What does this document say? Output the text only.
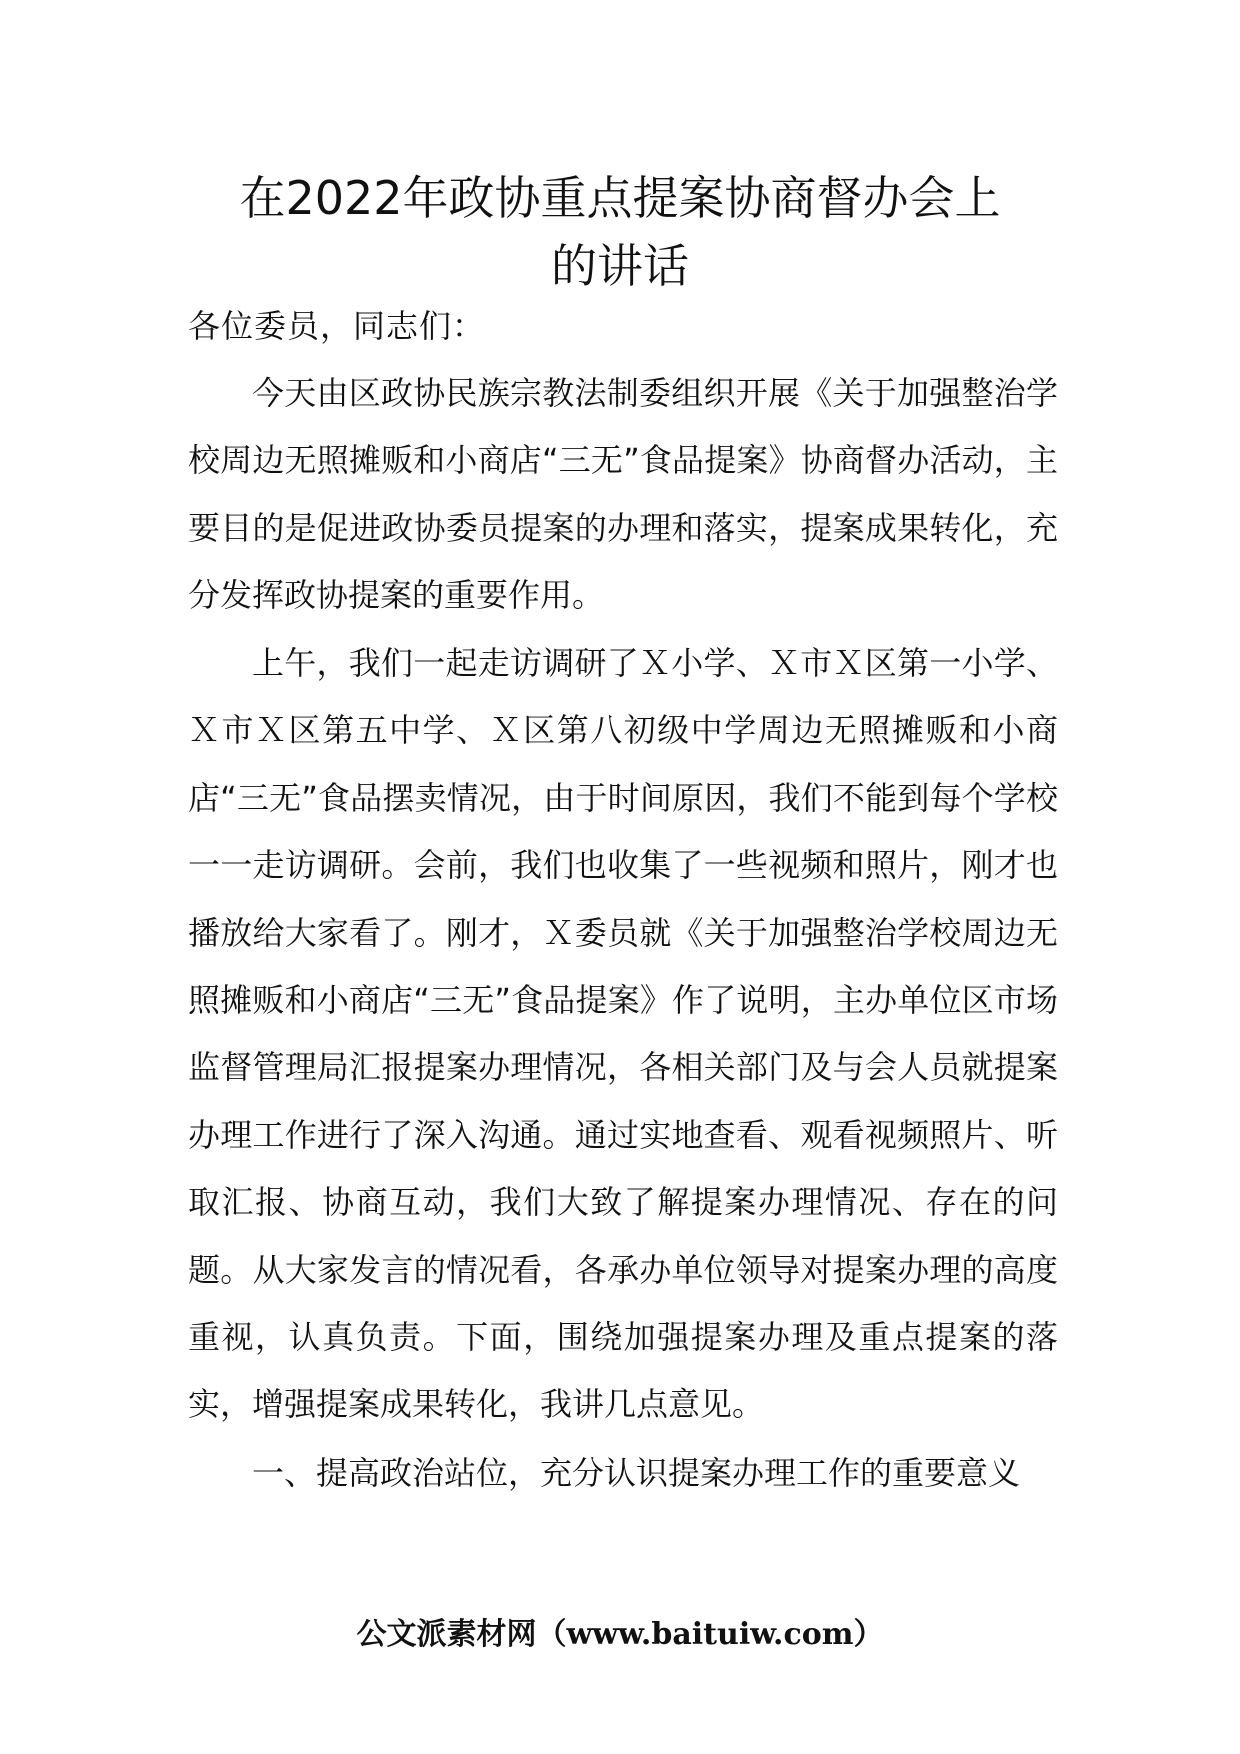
在2022年政协重点提案协商督办会上
的讲话

各位委员，同志们：

今天由区政协民族宗教法制委组织开展《关于加强整治学校周边无照摊贩和小商店“三无”食品提案》协商督办活动，主要目的是促进政协委员提案的办理和落实，提案成果转化，充分发挥政协提案的重要作用。

上午，我们一起走访调研了Ｘ小学、Ｘ市Ｘ区第一小学、Ｘ市Ｘ区第五中学、Ｘ区第八初级中学周边无照摊贩和小商店“三无”食品摆卖情况，由于时间原因，我们不能到每个学校一一走访调研。会前，我们也收集了一些视频和照片，刚才也播放给大家看了。刚才，Ｘ委员就《关于加强整治学校周边无照摊贩和小商店“三无”食品提案》作了说明，主办单位区市场监督管理局汇报提案办理情况，各相关部门及与会人员就提案办理工作进行了深入沟通。通过实地查看、观看视频照片、听取汇报、协商互动，我们大致了解提案办理情况、存在的问题。从大家发言的情况看，各承办单位领导对提案办理的高度重视，认真负责。下面，围绕加强提案办理及重点提案的落实，增强提案成果转化，我讲几点意见。

一、提高政治站位，充分认识提案办理工作的重要意义

公文派素材网（www.baituiw.com）
